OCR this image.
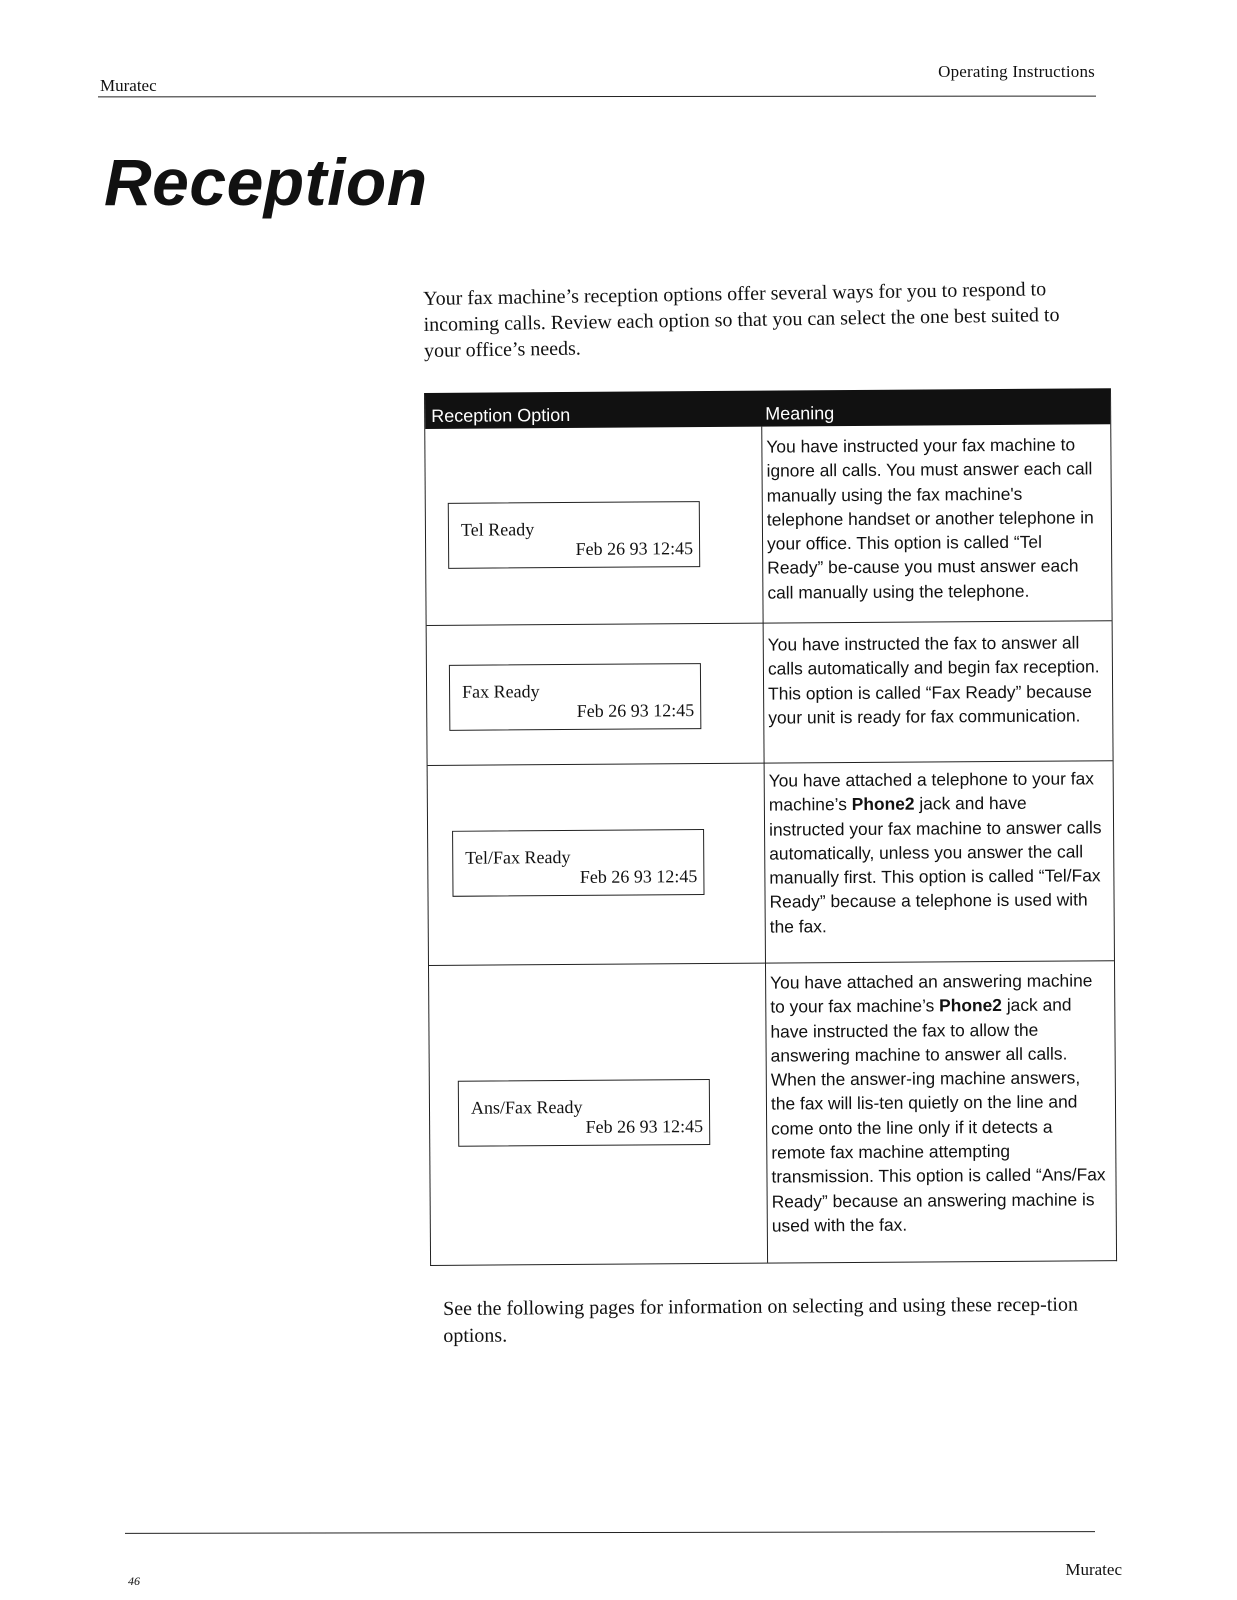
Muratec
Operating Instructions
Reception

Your fax machine’s reception options offer several ways for you to respond to incoming calls. Review each option so that you can select the one best suited to your office’s needs.

Reception Option	Meaning
Tel Ready
Feb 26 93 12:45
You have instructed your fax machine to ignore all calls. You must answer each call manually using the fax machine's telephone handset or another telephone in your office. This option is called “Tel Ready” be-cause you must answer each call manually using the telephone.
Fax Ready
Feb 26 93 12:45
You have instructed the fax to answer all calls automatically and begin fax reception. This option is called “Fax Ready” because your unit is ready for fax communication.
Tel/Fax Ready
Feb 26 93 12:45
You have attached a telephone to your fax machine’s Phone2 jack and have instructed your fax machine to answer calls automatically, unless you answer the call manually first. This option is called “Tel/Fax Ready” because a telephone is used with the fax.
Ans/Fax Ready
Feb 26 93 12:45
You have attached an answering machine to your fax machine’s Phone2 jack and have instructed the fax to allow the answering machine to answer all calls. When the answer-ing machine answers, the fax will lis-ten quietly on the line and come onto the line only if it detects a remote fax machine attempting transmission. This option is called “Ans/Fax Ready” because an answering machine is used with the fax.

See the following pages for information on selecting and using these recep-tion options.

46
Muratec
